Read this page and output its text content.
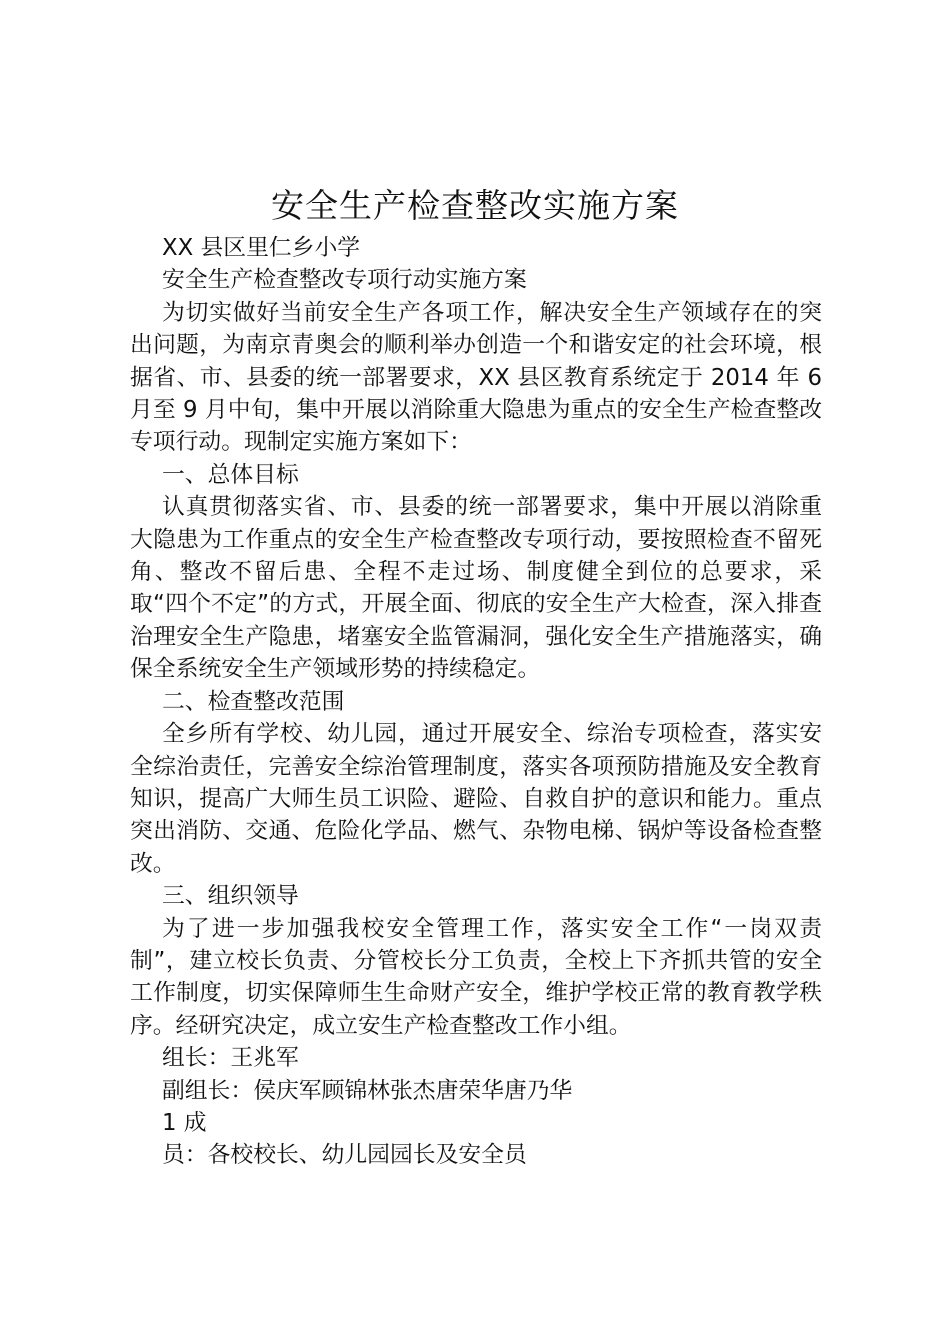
安全生产检查整改实施方案

XX 县区里仁乡小学

安全生产检查整改专项行动实施方案

为切实做好当前安全生产各项工作，解决安全生产领域存在的突出问题，为南京青奥会的顺利举办创造一个和谐安定的社会环境，根据省、市、县委的统一部署要求，XX 县区教育系统定于 2014 年 6 月至 9 月中旬，集中开展以消除重大隐患为重点的安全生产检查整改专项行动。现制定实施方案如下：

一、总体目标

认真贯彻落实省、市、县委的统一部署要求，集中开展以消除重大隐患为工作重点的安全生产检查整改专项行动，要按照检查不留死角、整改不留后患、全程不走过场、制度健全到位的总要求，采取“四个不定”的方式，开展全面、彻底的安全生产大检查，深入排查治理安全生产隐患，堵塞安全监管漏洞，强化安全生产措施落实，确保全系统安全生产领域形势的持续稳定。

二、检查整改范围

全乡所有学校、幼儿园，通过开展安全、综治专项检查，落实安全综治责任，完善安全综治管理制度，落实各项预防措施及安全教育知识，提高广大师生员工识险、避险、自救自护的意识和能力。重点突出消防、交通、危险化学品、燃气、杂物电梯、锅炉等设备检查整改。

三、组织领导

为了进一步加强我校安全管理工作，落实安全工作“一岗双责制”，建立校长负责、分管校长分工负责，全校上下齐抓共管的安全工作制度，切实保障师生生命财产安全，维护学校正常的教育教学秩序。经研究决定，成立安生产检查整改工作小组。

组长：王兆军

副组长：侯庆军顾锦林张杰唐荣华唐乃华

1 成

员：各校校长、幼儿园园长及安全员
